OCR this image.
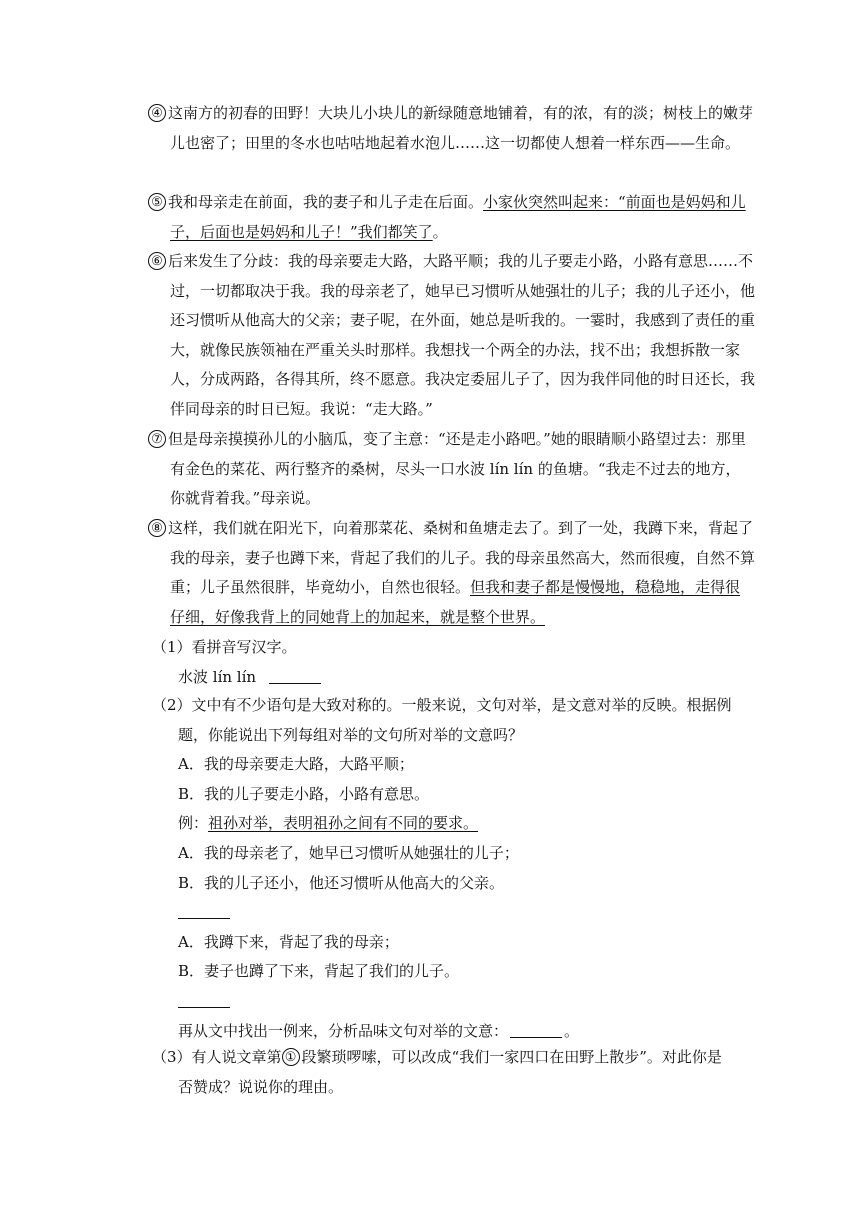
④ 这南方的初春的田野！大块儿小块儿的新绿随意地铺着，有的浓，有的淡；树枝上的嫩芽儿也密了；田里的冬水也咕咕地起着水泡儿……这一切都使人想着一样东西——生命。
⑤ 我和母亲走在前面，我的妻子和儿子走在后面。小家伙突然叫起来：“前面也是妈妈和儿子，后面也是妈妈和儿子！”我们都笑了。
⑥ 后来发生了分歧：我的母亲要走大路，大路平顺；我的儿子要走小路，小路有意思……不过，一切都取决于我。我的母亲老了，她早已习惯听从她强壮的儿子；我的儿子还小，他还习惯听从他高大的父亲；妻子呢，在外面，她总是听我的。一霎时，我感到了责任的重大，就像民族领袖在严重关头时那样。我想找一个两全的办法，找不出；我想拆散一家人，分成两路，各得其所，终不愿意。我决定委屈儿子了，因为我伴同他的时日还长，我伴同母亲的时日已短。我说：“走大路。”
⑦ 但是母亲摸摸孙儿的小脑瓜，变了主意：“还是走小路吧。”她的眼睛顺小路望过去：那里有金色的菜花、两行整齐的桑树，尽头一口水波 lín lín 的鱼塘。“我走不过去的地方，你就背着我。”母亲说。
⑧ 这样，我们就在阳光下，向着那菜花、桑树和鱼塘走去了。到了一处，我蹲下来，背起了我的母亲，妻子也蹲下来，背起了我们的儿子。我的母亲虽然高大，然而很瘦，自然不算重；儿子虽然很胖，毕竟幼小，自然也很轻。但我和妻子都是慢慢地，稳稳地，走得很仔细，好像我背上的同她背上的加起来，就是整个世界。
（1）看拼音写汉字。
水波 lín lín
（2）文中有不少语句是大致对称的。一般来说，文句对举，是文意对举的反映。根据例题，你能说出下列每组对举的文句所对举的文意吗？
A．我的母亲要走大路，大路平顺；
B．我的儿子要走小路，小路有意思。
例：祖孙对举，表明祖孙之间有不同的要求。
A．我的母亲老了，她早已习惯听从她强壮的儿子；
B．我的儿子还小，他还习惯听从他高大的父亲。
A．我蹲下来，背起了我的母亲；
B．妻子也蹲了下来，背起了我们的儿子。
再从文中找出一例来，分析品味文句对举的文意：	。
（3）有人说文章第 ① 段繁琐啰嗦，可以改成“我们一家四口在田野上散步”。对此你是否赞成？说说你的理由。
